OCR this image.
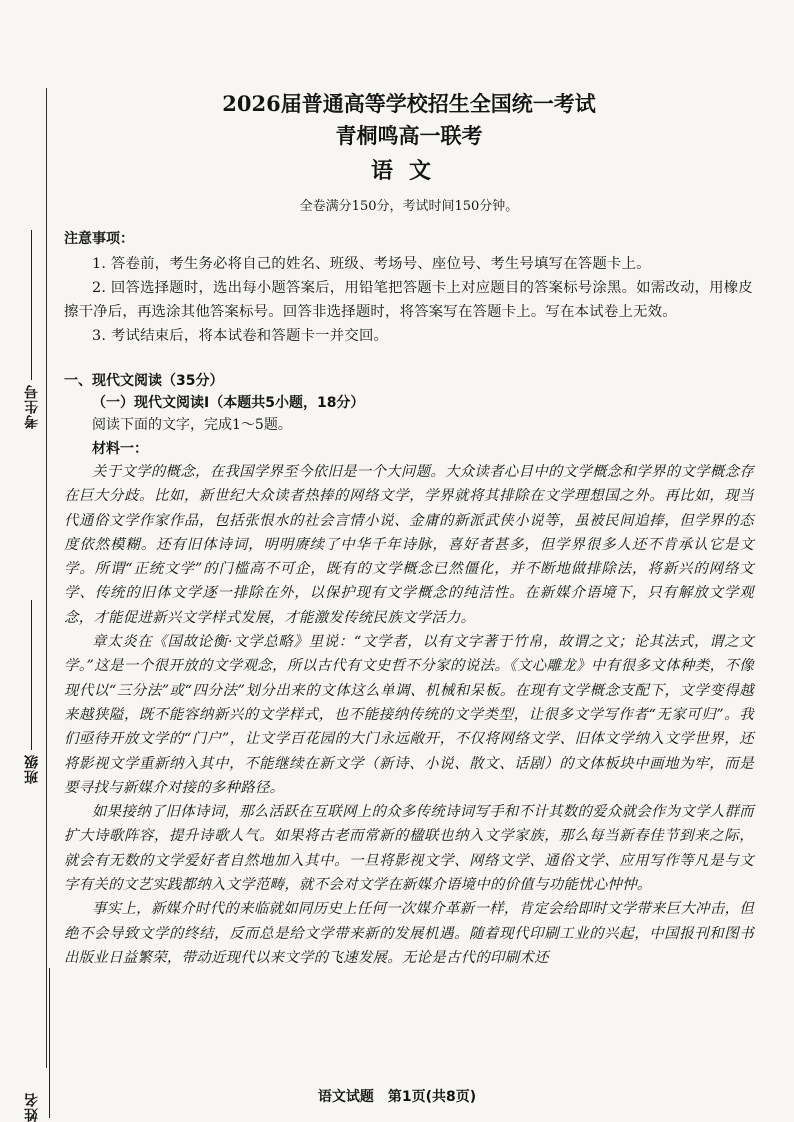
考生号
班级
姓名
2026届普通高等学校招生全国统一考试
青桐鸣高一联考
语文
全卷满分150分，考试时间150分钟。
注意事项：

1. 答卷前，考生务必将自己的姓名、班级、考场号、座位号、考生号填写在答题卡上。

2. 回答选择题时，选出每小题答案后，用铅笔把答题卡上对应题目的答案标号涂黑。如需改动，用橡皮擦干净后，再选涂其他答案标号。回答非选择题时，将答案写在答题卡上。写在本试卷上无效。

3. 考试结束后，将本试卷和答题卡一并交回。

一、现代文阅读（35分）
（一）现代文阅读Ⅰ（本题共5小题，18分）
阅读下面的文字，完成1～5题。
材料一：

关于文学的概念，在我国学界至今依旧是一个大问题。大众读者心目中的文学概念和学界的文学概念存在巨大分歧。比如，新世纪大众读者热捧的网络文学，学界就将其排除在文学理想国之外。再比如，现当代通俗文学作家作品，包括张恨水的社会言情小说、金庸的新派武侠小说等，虽被民间追捧，但学界的态度依然模糊。还有旧体诗词，明明赓续了中华千年诗脉，喜好者甚多，但学界很多人还不肯承认它是文学。所谓“正统文学”的门槛高不可企，既有的文学概念已然僵化，并不断地做排除法，将新兴的网络文学、传统的旧体文学逐一排除在外，以保护现有文学概念的纯洁性。在新媒介语境下，只有解放文学观念，才能促进新兴文学样式发展，才能激发传统民族文学活力。

章太炎在《国故论衡·文学总略》里说：“文学者，以有文字著于竹帛，故谓之文；论其法式，谓之文学。”这是一个很开放的文学观念，所以古代有文史哲不分家的说法。《文心雕龙》中有很多文体种类，不像现代以“三分法”或“四分法”划分出来的文体这么单调、机械和呆板。在现有文学概念支配下，文学变得越来越狭隘，既不能容纳新兴的文学样式，也不能接纳传统的文学类型，让很多文学写作者“无家可归”。我们亟待开放文学的“门户”，让文学百花园的大门永远敞开，不仅将网络文学、旧体文学纳入文学世界，还将影视文学重新纳入其中，不能继续在新文学（新诗、小说、散文、话剧）的文体板块中画地为牢，而是要寻找与新媒介对接的多种路径。

如果接纳了旧体诗词，那么活跃在互联网上的众多传统诗词写手和不计其数的爱众就会作为文学人群而扩大诗歌阵容，提升诗歌人气。如果将古老而常新的楹联也纳入文学家族，那么每当新春佳节到来之际，就会有无数的文学爱好者自然地加入其中。一旦将影视文学、网络文学、通俗文学、应用写作等凡是与文字有关的文艺实践都纳入文学范畴，就不会对文学在新媒介语境中的价值与功能忧心忡忡。

事实上，新媒介时代的来临就如同历史上任何一次媒介革新一样，肯定会给即时文学带来巨大冲击，但绝不会导致文学的终结，反而总是给文学带来新的发展机遇。随着现代印刷工业的兴起，中国报刊和图书出版业日益繁荣，带动近现代以来文学的飞速发展。无论是古代的印刷术还

语文试题　第1页(共8页)
